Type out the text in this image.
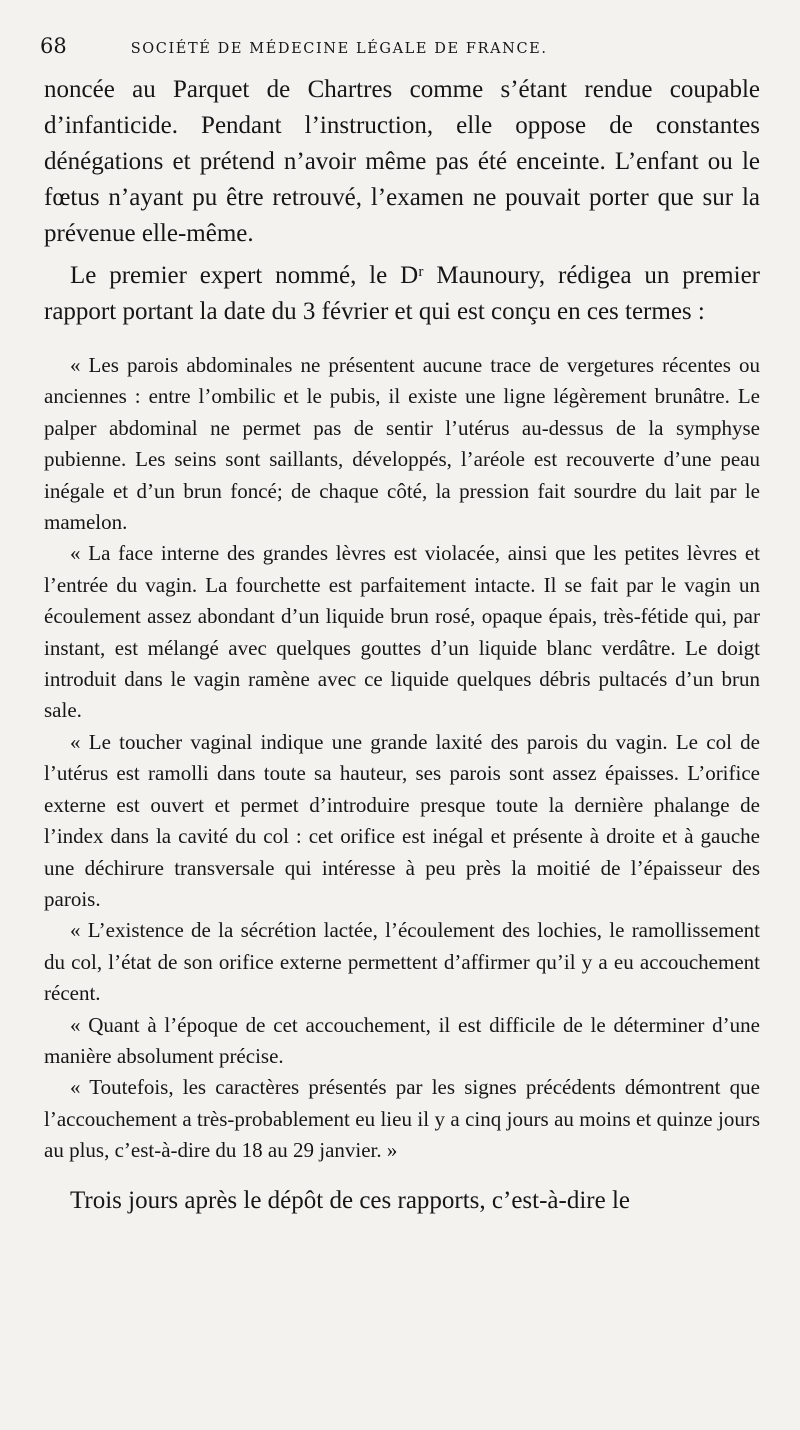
68	SOCIÉTÉ DE MÉDECINE LÉGALE DE FRANCE.

noncée au Parquet de Chartres comme s’étant rendue coupable d’infanticide. Pendant l’instruction, elle oppose de constantes dénégations et prétend n’avoir même pas été enceinte. L’enfant ou le fœtus n’ayant pu être retrouvé, l’examen ne pouvait porter que sur la prévenue elle-même.

Le premier expert nommé, le Dʳ Maunoury, rédigea un premier rapport portant la date du 3 février et qui est conçu en ces termes :

« Les parois abdominales ne présentent aucune trace de vergetures récentes ou anciennes : entre l’ombilic et le pubis, il existe une ligne légèrement brunâtre. Le palper abdominal ne permet pas de sentir l’utérus au-dessus de la symphyse pubienne. Les seins sont saillants, développés, l’aréole est recouverte d’une peau inégale et d’un brun foncé; de chaque côté, la pression fait sourdre du lait par le mamelon.

« La face interne des grandes lèvres est violacée, ainsi que les petites lèvres et l’entrée du vagin. La fourchette est parfaitement intacte. Il se fait par le vagin un écoulement assez abondant d’un liquide brun rosé, opaque épais, très-fétide qui, par instant, est mélangé avec quelques gouttes d’un liquide blanc verdâtre. Le doigt introduit dans le vagin ramène avec ce liquide quelques débris pultacés d’un brun sale.

« Le toucher vaginal indique une grande laxité des parois du vagin. Le col de l’utérus est ramolli dans toute sa hauteur, ses parois sont assez épaisses. L’orifice externe est ouvert et permet d’introduire presque toute la dernière phalange de l’index dans la cavité du col : cet orifice est inégal et présente à droite et à gauche une déchirure transversale qui intéresse à peu près la moitié de l’épaisseur des parois.

« L’existence de la sécrétion lactée, l’écoulement des lochies, le ramollissement du col, l’état de son orifice externe permettent d’affirmer qu’il y a eu accouchement récent.

« Quant à l’époque de cet accouchement, il est difficile de le déterminer d’une manière absolument précise.

« Toutefois, les caractères présentés par les signes précédents démontrent que l’accouchement a très-probablement eu lieu il y a cinq jours au moins et quinze jours au plus, c’est-à-dire du 18 au 29 janvier. »

Trois jours après le dépôt de ces rapports, c’est-à-dire le
